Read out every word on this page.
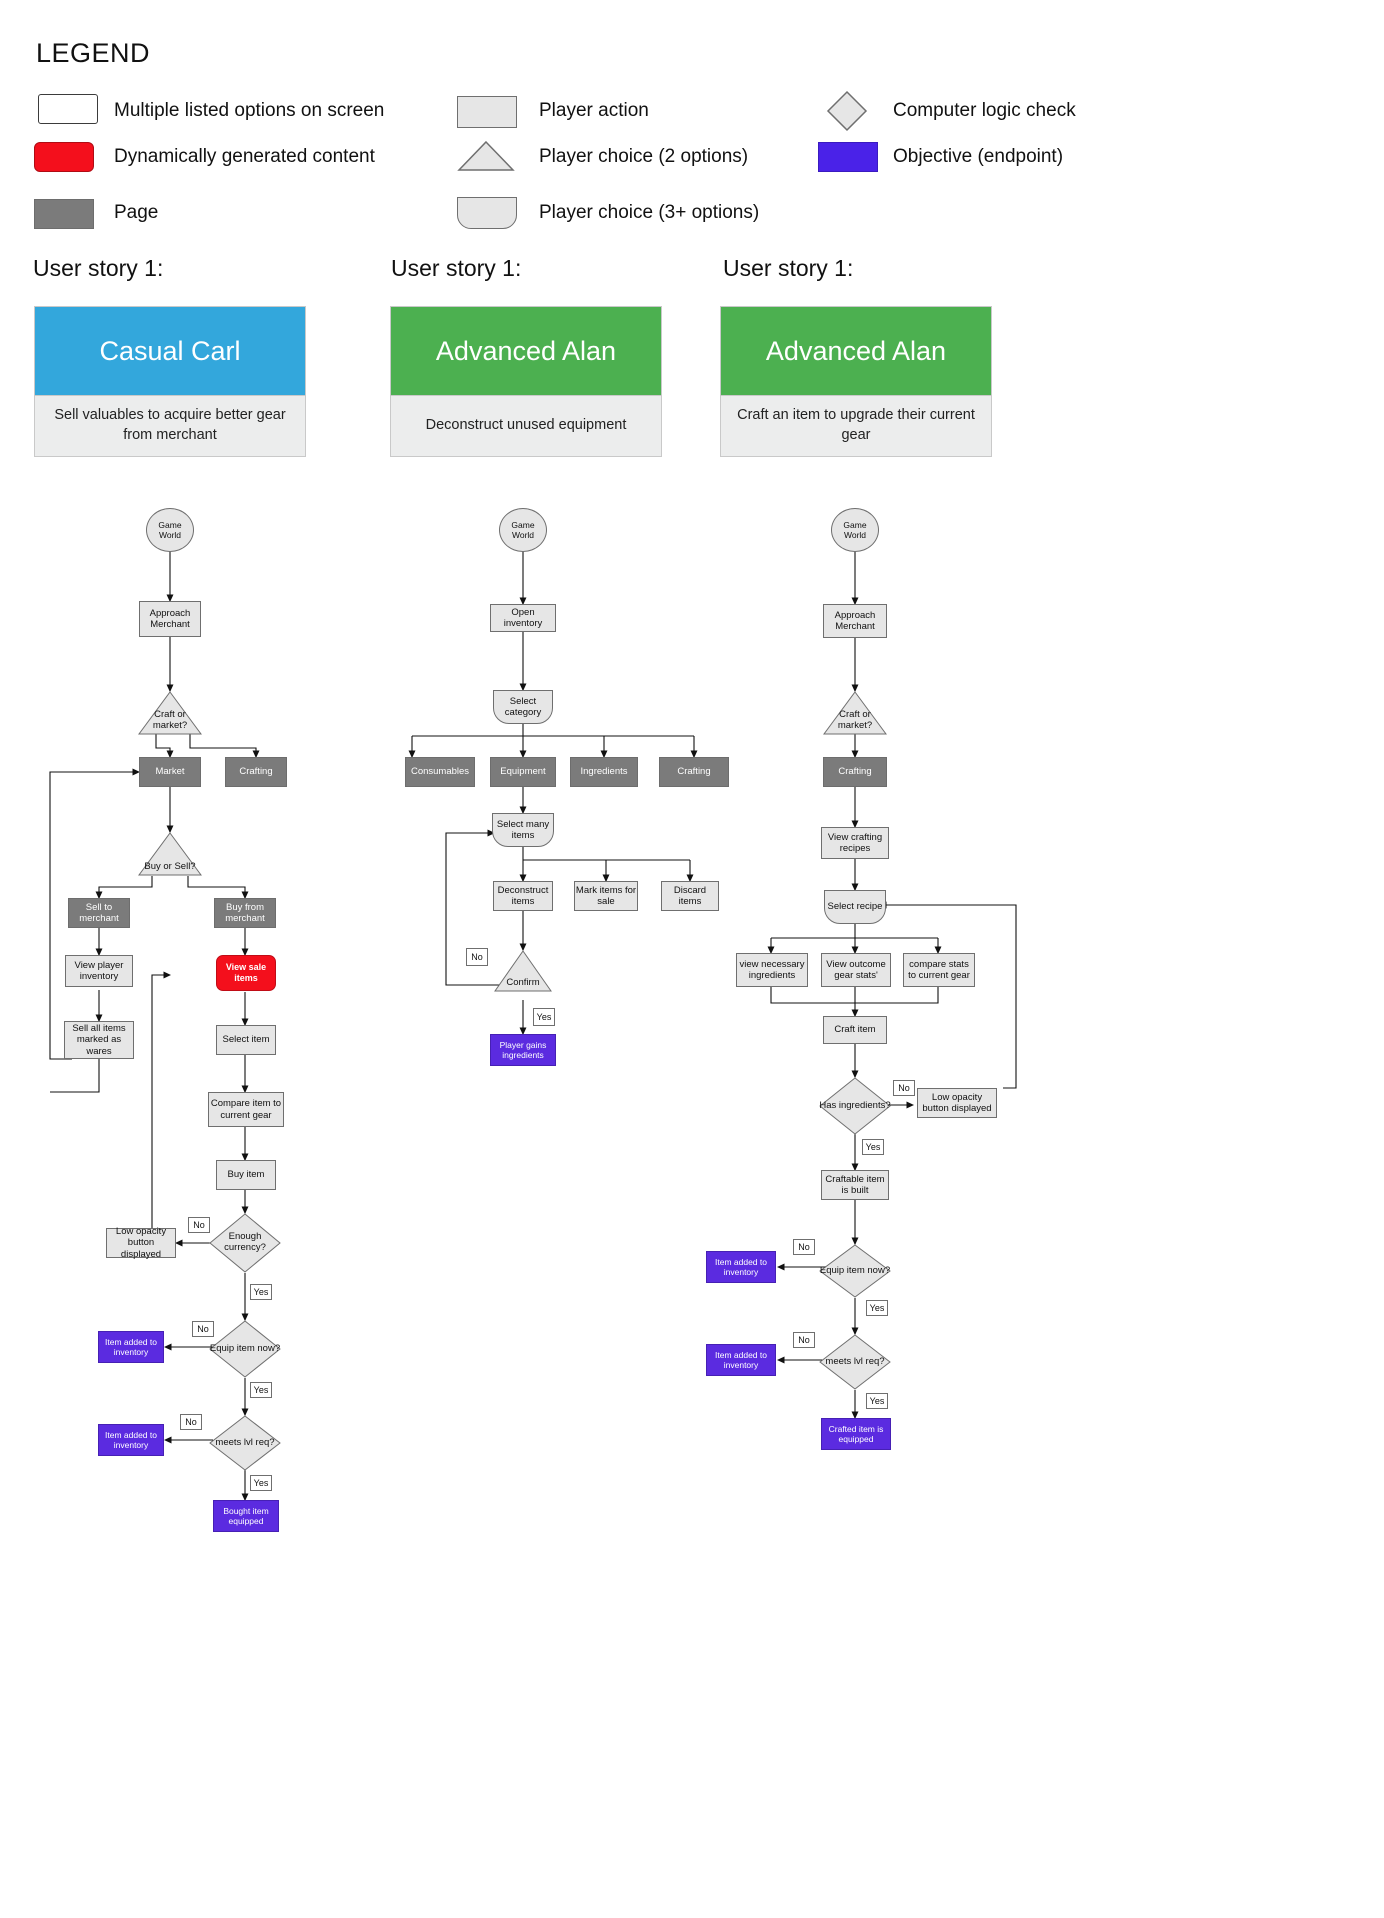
LEGEND
Multiple listed options on screen
Dynamically generated content
Page
Player action
Player choice (2 options)
Player choice (3+ options)
Computer logic check
Objective (endpoint)
User story 1:
Casual Carl
Sell valuables to acquire better gear from merchant
User story 1:
Advanced Alan
Deconstruct unused equipment
User story 1:
Advanced Alan
Craft an item to upgrade their current gear
Game World
Approach Merchant
Craft or market?
Market	Crafting
Buy or Sell?
Sell to merchant
Buy from merchant
View player inventory
View sale items
Sell all items marked as wares
Select item
Compare item to current gear
Buy item
Enough currency?
No
Low opacity button displayed
Yes
Equip item now?
No
Item added to inventory
Yes
meets lvl req?
No
Item added to inventory
Yes
Bought item equipped
Game World
Open inventory
Select category
Consumables	Equipment	Ingredients	Crafting
Select many items
Deconstruct items
Mark items for sale
Discard items
Confirm
No
Yes
Player gains ingredients
Game World
Approach Merchant
Craft or market?
Crafting
View crafting recipes
Select recipe
view necessary ingredients
View outcome gear stats'
compare stats to current gear
Craft item
Has ingredients?
No
Low opacity button displayed
Yes
Craftable item is built
Equip item now?
No
Item added to inventory
Yes
meets lvl req?
No
Item added to inventory
Yes
Crafted item is equipped
